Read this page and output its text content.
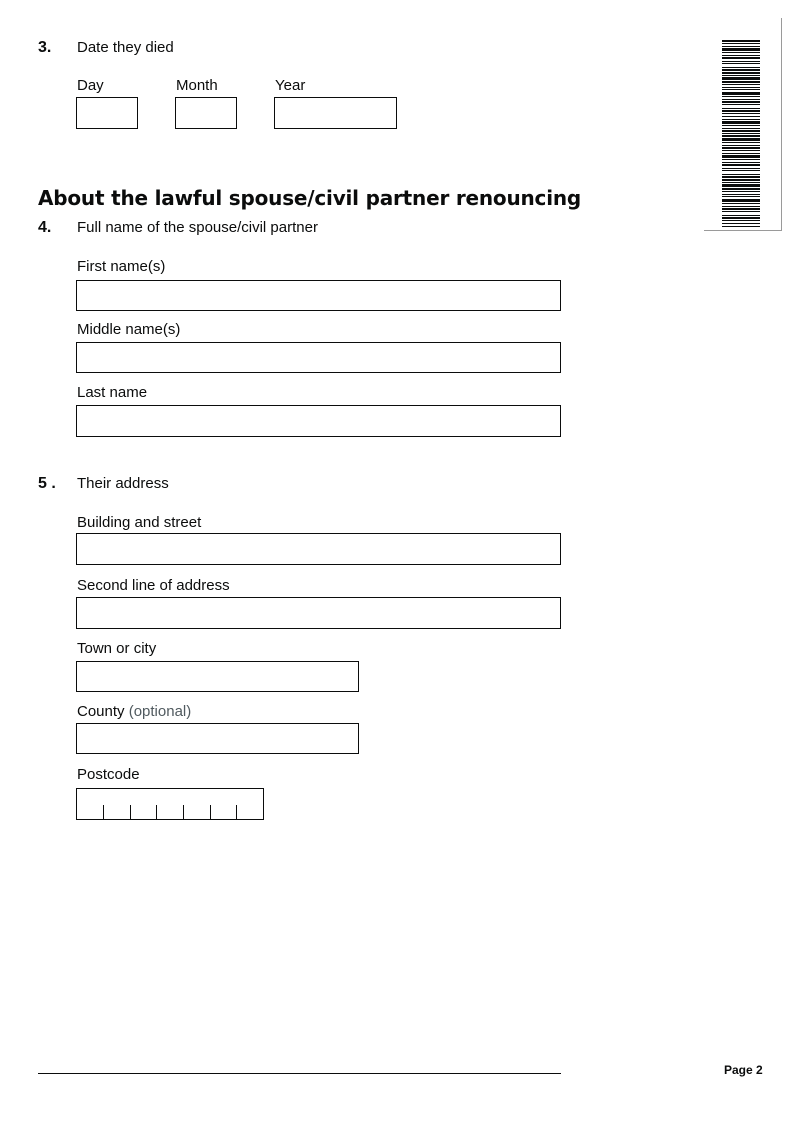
3. Date they died
Day	Month	Year
About the lawful spouse/civil partner renouncing
4. Full name of the spouse/civil partner
First name(s)
Middle name(s)
Last name
5 . Their address
Building and street
Second line of address
Town or city
County (optional)
Postcode
Page 2
